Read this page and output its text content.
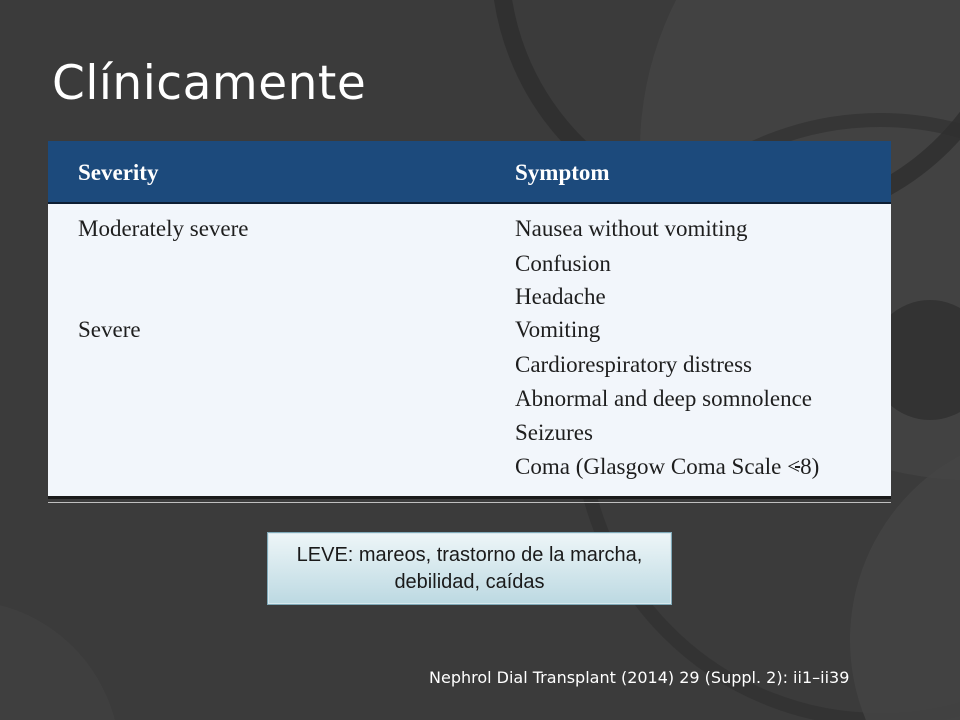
Clínicamente
Severity	Symptom
Moderately severe
Severe
Nausea without vomiting
Confusion
Headache
Vomiting
Cardiorespiratory distress
Abnormal and deep somnolence
Seizures
Coma (Glasgow Coma Scale ≤8)
LEVE: mareos, trastorno de la marcha, debilidad, caídas
Nephrol Dial Transplant (2014) 29 (Suppl. 2): ii1–ii39
